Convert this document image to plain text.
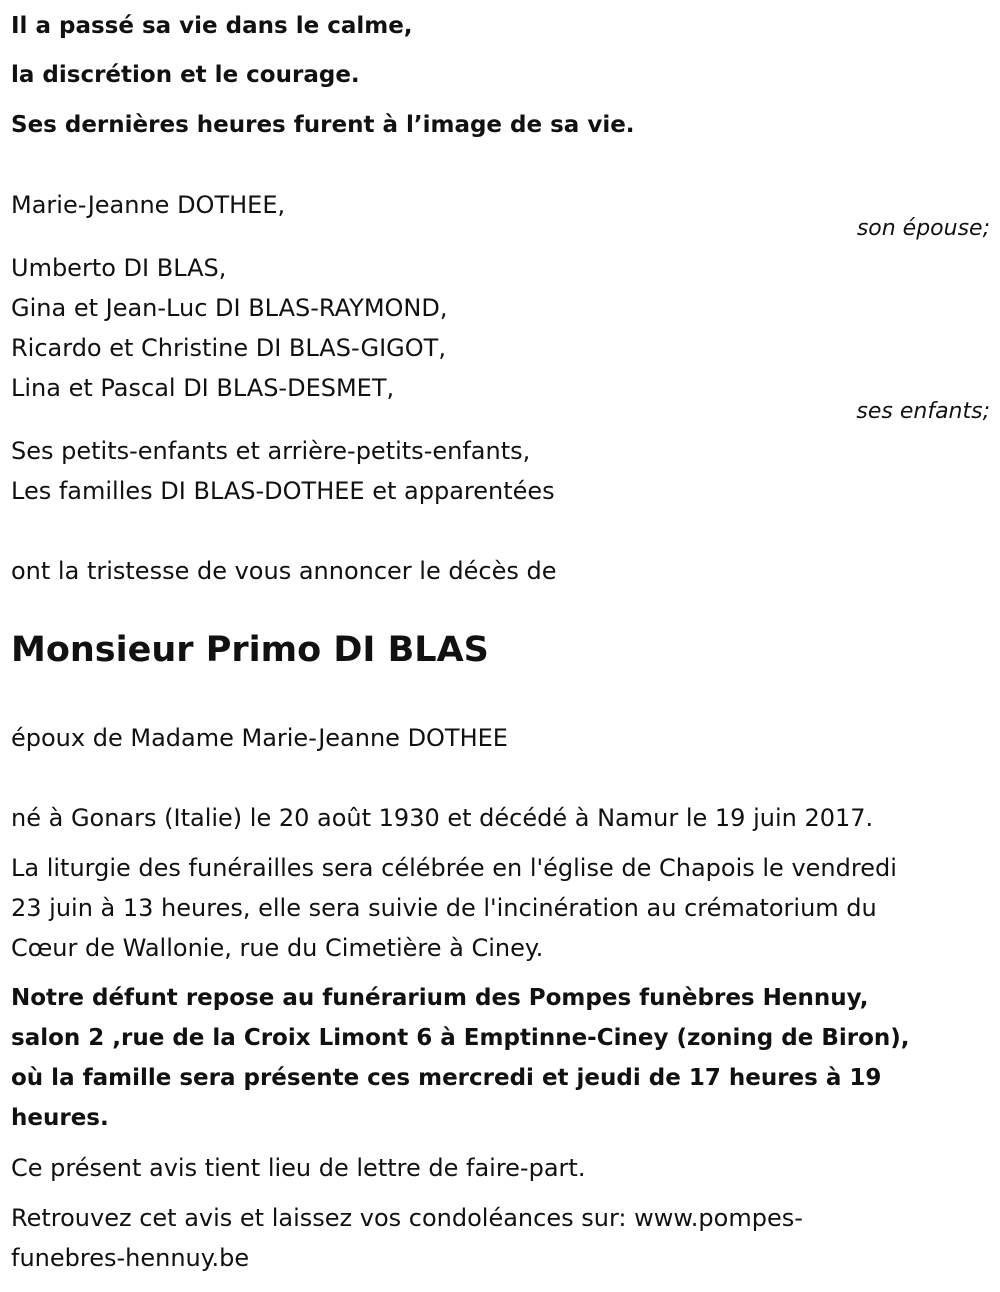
Il a passé sa vie dans le calme,

la discrétion et le courage.

Ses dernières heures furent à l’image de sa vie.

Marie-Jeanne DOTHEE,

son épouse;

Umberto DI BLAS,

Gina et Jean-Luc DI BLAS-RAYMOND,

Ricardo et Christine DI BLAS-GIGOT,

Lina et Pascal DI BLAS-DESMET,

ses enfants;

Ses petits-enfants et arrière-petits-enfants,

Les familles DI BLAS-DOTHEE et apparentées

ont la tristesse de vous annoncer le décès de

Monsieur Primo DI BLAS

époux de Madame Marie-Jeanne DOTHEE

né à Gonars (Italie) le 20 août 1930 et décédé à Namur le 19 juin 2017.

La liturgie des funérailles sera célébrée en l'église de Chapois le vendredi

23 juin à 13 heures, elle sera suivie de l'incinération au crématorium du

Cœur de Wallonie, rue du Cimetière à Ciney.

Notre défunt repose au funérarium des Pompes funèbres Hennuy,

salon 2 ,rue de la Croix Limont 6 à Emptinne-Ciney (zoning de Biron),

où la famille sera présente ces mercredi et jeudi de 17 heures à 19

heures.

Ce présent avis tient lieu de lettre de faire-part.

Retrouvez cet avis et laissez vos condoléances sur: www.pompes-

funebres-hennuy.be
